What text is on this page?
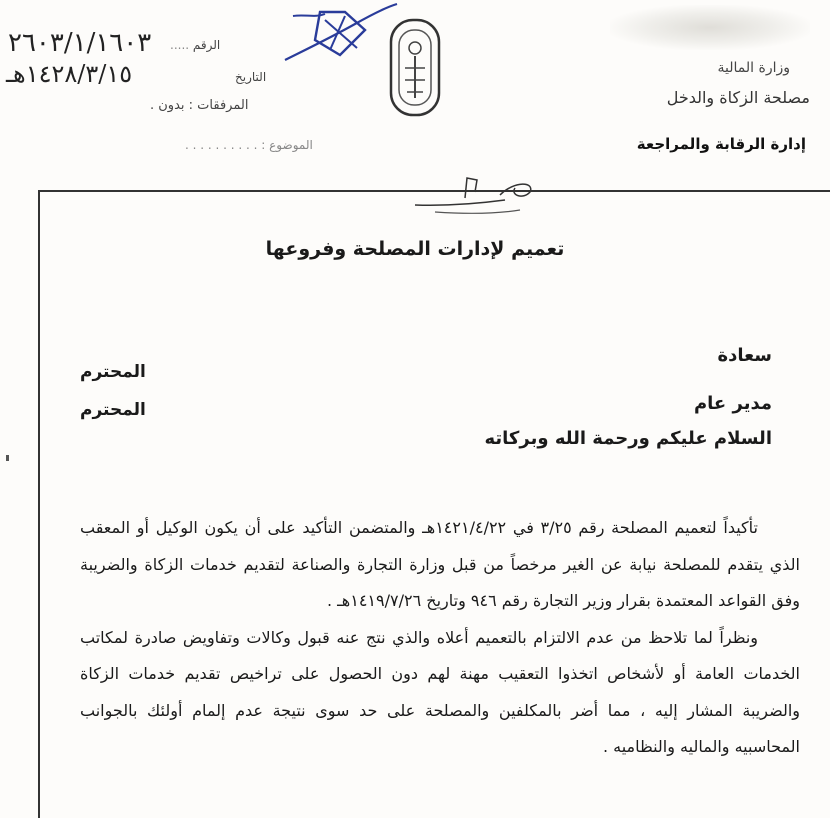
٢٦٠٣/١/١٦٠٣	الرقم .....
١٤٢٨/٣/١٥هـ	التاريخ
المرفقات : بدون .
الموضوع : . . . . . . . . . .
وزارة المالية
مصلحة الزكاة والدخل
إدارة الرقابة والمراجعة
تعميم لإدارات المصلحة وفروعها
سعادة
مدير عام
السلام عليكم ورحمة الله وبركاته
المحترم
المحترم

تأكيداً لتعميم المصلحة رقم ٣/٢٥ في ١٤٢١/٤/٢٢هـ والمتضمن التأكيد على أن يكون الوكيل أو المعقب الذي يتقدم للمصلحة نيابة عن الغير مرخصاً من قبل وزارة التجارة والصناعة لتقديم خدمات الزكاة والضريبة وفق القواعد المعتمدة بقرار وزير التجارة رقم ٩٤٦ وتاريخ ١٤١٩/٧/٢٦هـ .

ونظراً لما تلاحظ من عدم الالتزام بالتعميم أعلاه والذي نتج عنه قبول وكالات وتفاويض صادرة لمكاتب الخدمات العامة أو لأشخاص اتخذوا التعقيب مهنة لهم دون الحصول على تراخيص تقديم خدمات الزكاة والضريبة المشار إليه ، مما أضر بالمكلفين والمصلحة على حد سوى نتيجة عدم إلمام أولئك بالجوانب المحاسبيه والماليه والنظاميه .
